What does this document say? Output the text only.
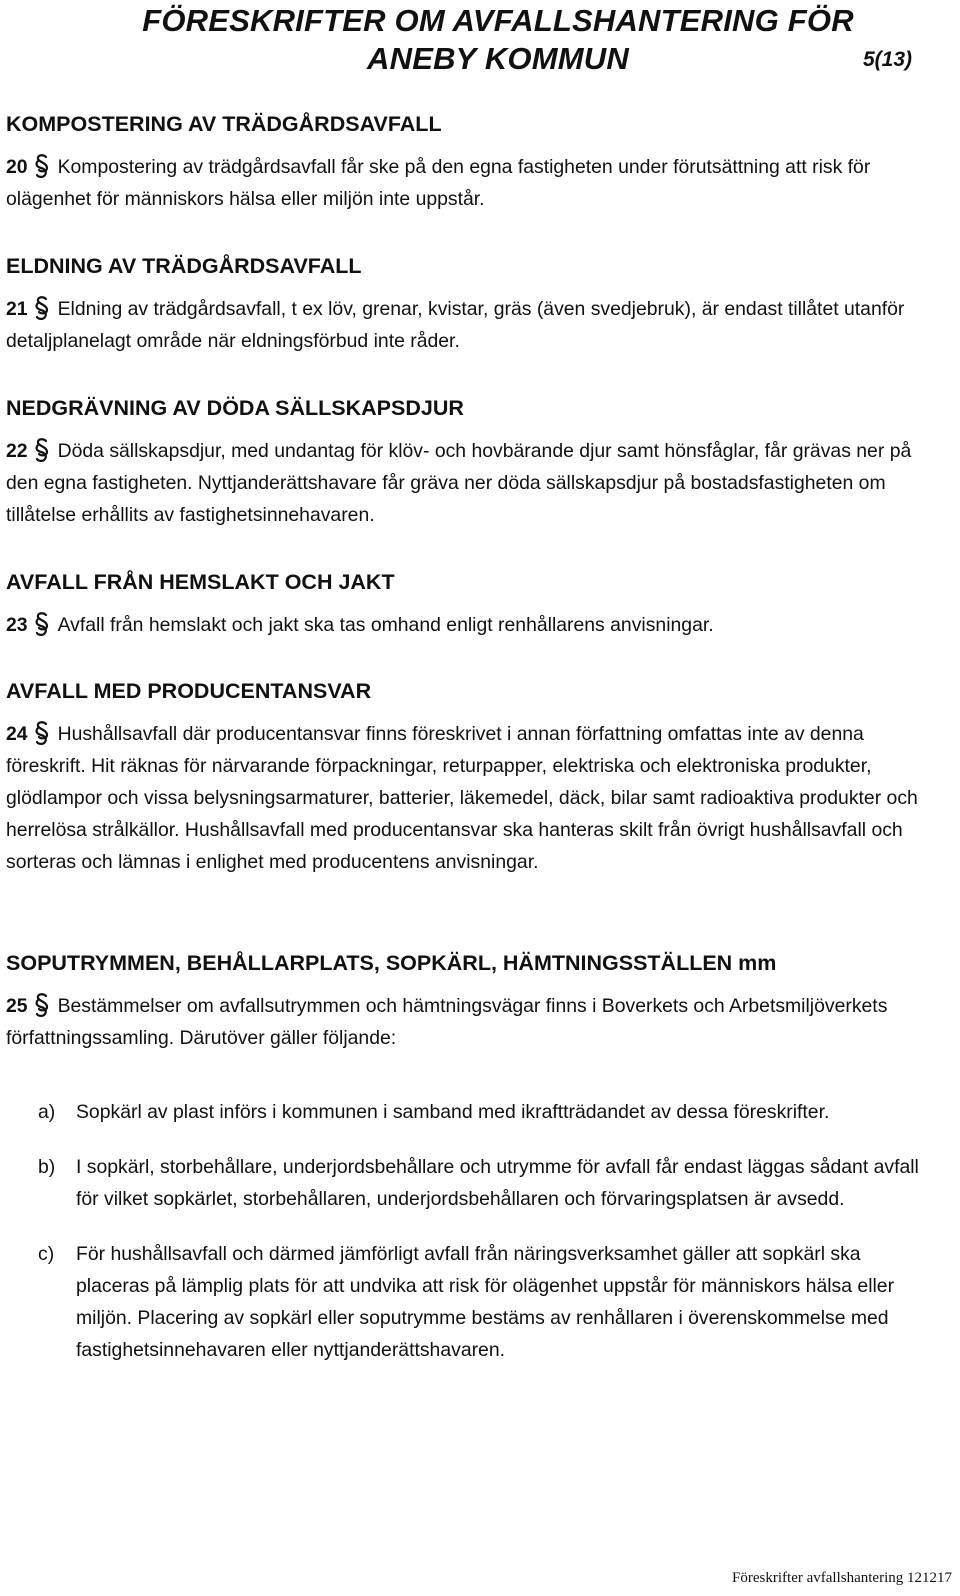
FÖRESKRIFTER OM AVFALLSHANTERING FÖR ANEBY KOMMUN	5(13)
KOMPOSTERING AV TRÄDGÅRDSAVFALL
20 Kompostering av trädgårdsavfall får ske på den egna fastigheten under förutsättning att risk för olägenhet för människors hälsa eller miljön inte uppstår.
ELDNING AV TRÄDGÅRDSAVFALL
21 Eldning av trädgårdsavfall, t ex löv, grenar, kvistar, gräs (även svedjebruk), är endast tillåtet utanför detaljplanelagt område när eldningsförbud inte råder.
NEDGRÄVNING AV DÖDA SÄLLSKAPSDJUR
22 Döda sällskapsdjur, med undantag för klöv- och hovbärande djur samt hönsfåglar, får grävas ner på den egna fastigheten. Nyttjanderättshavare får gräva ner döda sällskapsdjur på bostadsfastigheten om tillåtelse erhållits av fastighetsinnehavaren.
AVFALL FRÅN HEMSLAKT OCH JAKT
23 Avfall från hemslakt och jakt ska tas omhand enligt renhållarens anvisningar.
AVFALL MED PRODUCENTANSVAR
24 Hushållsavfall där producentansvar finns föreskrivet i annan författning omfattas inte av denna föreskrift. Hit räknas för närvarande förpackningar, returpapper, elektriska och elektroniska produkter, glödlampor och vissa belysningsarmaturer, batterier, läkemedel, däck, bilar samt radioaktiva produkter och herrelösa strålkällor. Hushållsavfall med producentansvar ska hanteras skilt från övrigt hushållsavfall och sorteras och lämnas i enlighet med producentens anvisningar.
SOPUTRYMMEN, BEHÅLLARPLATS, SOPKÄRL, HÄMTNINGSSTÄLLEN mm
25 Bestämmelser om avfallsutrymmen och hämtningsvägar finns i Boverkets och Arbetsmiljöverkets författningssamling. Därutöver gäller följande:
a) Sopkärl av plast införs i kommunen i samband med ikraftträdandet av dessa föreskrifter.
b) I sopkärl, storbehållare, underjordsbehållare och utrymme för avfall får endast läggas sådant avfall för vilket sopkärlet, storbehållaren, underjordsbehållaren och förvaringsplatsen är avsedd.
c) För hushållsavfall och därmed jämförligt avfall från näringsverksamhet gäller att sopkärl ska placeras på lämplig plats för att undvika att risk för olägenhet uppstår för människors hälsa eller miljön. Placering av sopkärl eller soputrymme bestäms av renhållaren i överenskommelse med fastighetsinnehavaren eller nyttjanderättshavaren.
Föreskrifter avfallshantering 121217
